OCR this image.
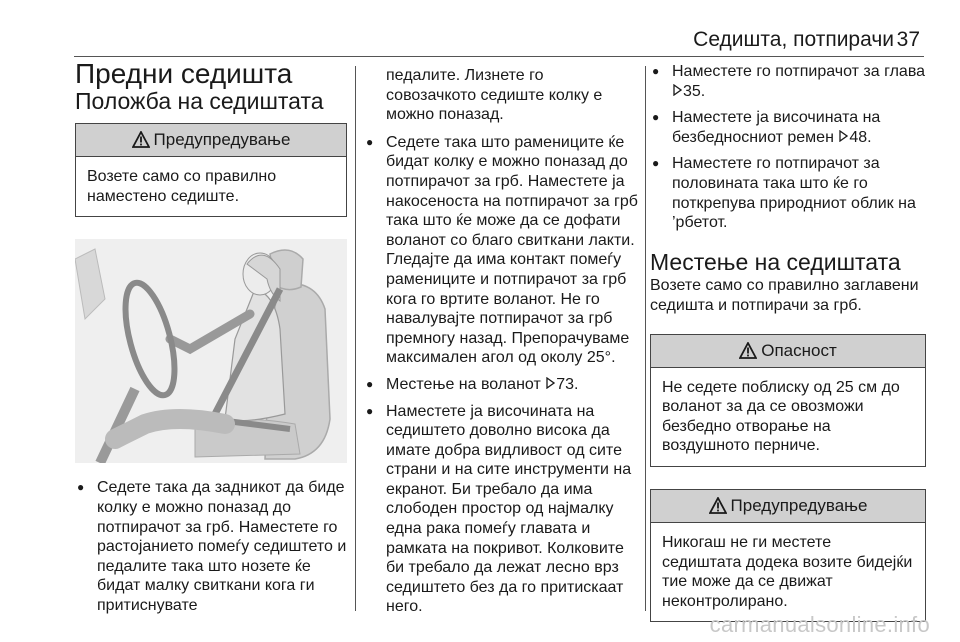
Седишта, потпирачи 37
Предни седишта
Положба на седиштата
Предупредување
Возете само со правилно наместено седиште.
● Седете така да задникот да биде колку е можно поназад до потпирачот за грб. Наместете го растојанието помеѓу седиштето и педалите така што нозете ќе бидат малку свиткани кога ги притиснувате
педалите. Лизнете го совозачкото седиште колку е можно поназад.
● Седете така што рамениците ќе бидат колку е можно поназад до потпирачот за грб. Наместете ја накосеноста на потпирачот за грб така што ќе може да се дофати воланот со благо свиткани лакти. Гледајте да има контакт помеѓу рамениците и потпирачот за грб кога го вртите воланот. Не го навалувајте потпирачот за грб премногу назад. Препорачуваме максимален агол од околу 25°.
● Местење на воланот 73.
● Наместете ја височината на седиштето доволно висока да имате добра видливост од сите страни и на сите инструменти на екранот. Би требало да има слободен простор од најмалку една рака помеѓу главата и рамката на покривот. Колковите би требало да лежат лесно врз седиштето без да го притискаат него.
● Наместете го потпирачот за глава 35.
● Наместете ја височината на безбедносниот ремен 48.
● Наместете го потпирачот за половината така што ќе го поткрепува природниот облик на ’рбетот.
Местење на седиштата

Возете само со правилно заглавени седишта и потпирачи за грб.

Опасност
Не седете поблиску од 25 см до воланот за да се овозможи безбедно отворање на воздушното перниче.
Предупредување
Никогаш не ги местете седиштата додека возите бидејќи тие може да се движат неконтролирано.
carmanualsonline.info
